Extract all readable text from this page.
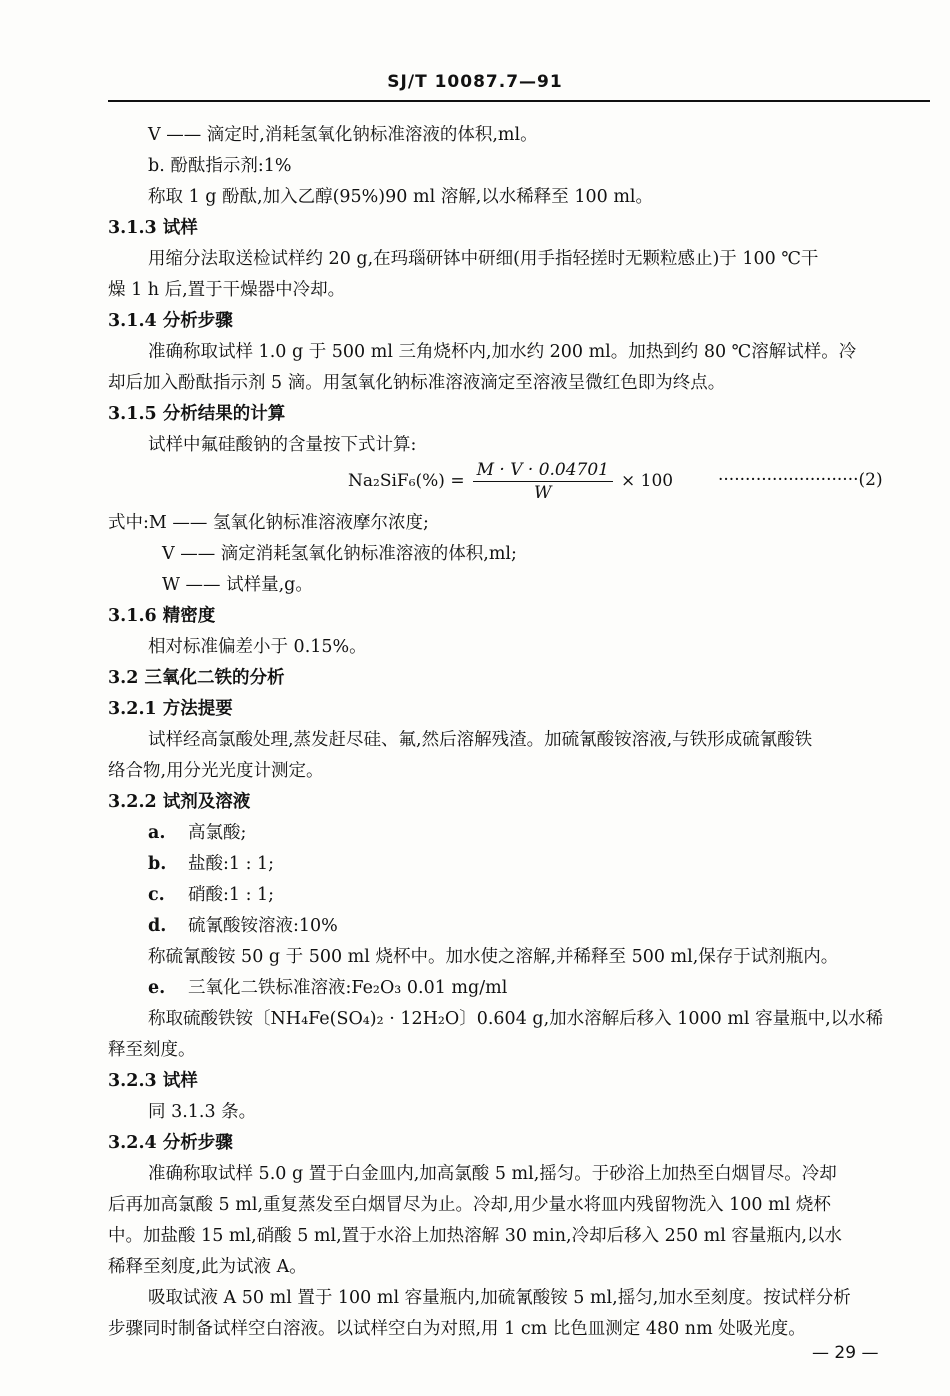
SJ/T 10087.7—91
V —— 滴定时,消耗氢氧化钠标准溶液的体积,ml。
b. 酚酞指示剂:1%
称取 1 g 酚酞,加入乙醇(95%)90 ml 溶解,以水稀释至 100 ml。
3.1.3 试样
用缩分法取送检试样约 20 g,在玛瑙研钵中研细(用手指轻搓时无颗粒感止)于 100 ℃干
燥 1 h 后,置于干燥器中冷却。
3.1.4 分析步骤
准确称取试样 1.0 g 于 500 ml 三角烧杯内,加水约 200 ml。加热到约 80 ℃溶解试样。冷
却后加入酚酞指示剂 5 滴。用氢氧化钠标准溶液滴定至溶液呈微红色即为终点。
3.1.5 分析结果的计算
试样中氟硅酸钠的含量按下式计算:
$Na_2SiF_6(\%) = \frac{M \cdot V \cdot 0.04701}{W} \times 100$	··························(2)
式中:M —— 氢氧化钠标准溶液摩尔浓度;
V —— 滴定消耗氢氧化钠标准溶液的体积,ml;
W —— 试样量,g。
3.1.6 精密度
相对标准偏差小于 0.15%。
3.2 三氧化二铁的分析
3.2.1 方法提要
试样经高氯酸处理,蒸发赶尽硅、氟,然后溶解残渣。加硫氰酸铵溶液,与铁形成硫氰酸铁
络合物,用分光光度计测定。
3.2.2 试剂及溶液
a. 高氯酸;
b. 盐酸:1 : 1;
c. 硝酸:1 : 1;
d. 硫氰酸铵溶液:10%
称硫氰酸铵 50 g 于 500 ml 烧杯中。加水使之溶解,并稀释至 500 ml,保存于试剂瓶内。
e. 三氧化二铁标准溶液:Fe₂O₃ 0.01 mg/ml
称取硫酸铁铵〔NH₄Fe(SO₄)₂ · 12H₂O〕0.604 g,加水溶解后移入 1000 ml 容量瓶中,以水稀
释至刻度。
3.2.3 试样
同 3.1.3 条。
3.2.4 分析步骤
准确称取试样 5.0 g 置于白金皿内,加高氯酸 5 ml,摇匀。于砂浴上加热至白烟冒尽。冷却
后再加高氯酸 5 ml,重复蒸发至白烟冒尽为止。冷却,用少量水将皿内残留物洗入 100 ml 烧杯
中。加盐酸 15 ml,硝酸 5 ml,置于水浴上加热溶解 30 min,冷却后移入 250 ml 容量瓶内,以水
稀释至刻度,此为试液 A。
吸取试液 A 50 ml 置于 100 ml 容量瓶内,加硫氰酸铵 5 ml,摇匀,加水至刻度。按试样分析
步骤同时制备试样空白溶液。以试样空白为对照,用 1 cm 比色皿测定 480 nm 处吸光度。
— 29 —
